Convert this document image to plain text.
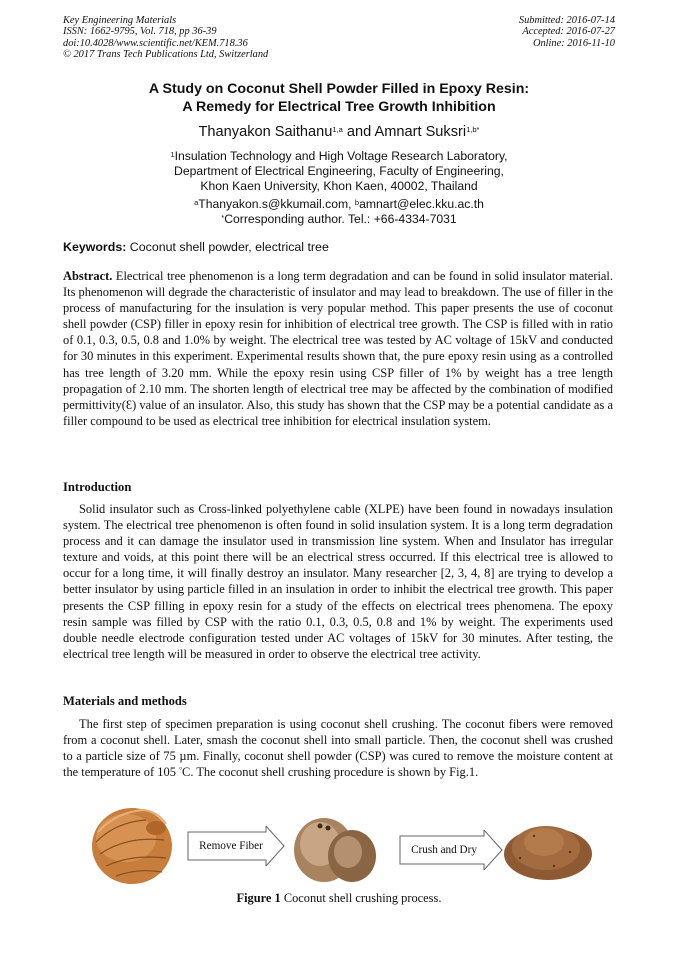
Key Engineering Materials
ISSN: 1662-9795, Vol. 718, pp 36-39
doi:10.4028/www.scientific.net/KEM.718.36
© 2017 Trans Tech Publications Ltd, Switzerland
Submitted: 2016-07-14
Accepted: 2016-07-27
Online: 2016-11-10
A Study on Coconut Shell Powder Filled in Epoxy Resin:
A Remedy for Electrical Tree Growth Inhibition
Thanyakon Saithanu$^{1,a}$ and Amnart Suksri$^{1,b*}$
$^1$Insulation Technology and High Voltage Research Laboratory,
Department of Electrical Engineering, Faculty of Engineering,
Khon Kaen University, Khon Kaen, 40002, Thailand
$^a$Thanyakon.s@kkumail.com, $^b$amnart@elec.kku.ac.th
*Corresponding author. Tel.: +66-4334-7031
Keywords: Coconut shell powder, electrical tree

Abstract. Electrical tree phenomenon is a long term degradation and can be found in solid insulator material. Its phenomenon will degrade the characteristic of insulator and may lead to breakdown. The use of filler in the process of manufacturing for the insulation is very popular method. This paper presents the use of coconut shell powder (CSP) filler in epoxy resin for inhibition of electrical tree growth. The CSP is filled with in ratio of 0.1, 0.3, 0.5, 0.8 and 1.0% by weight. The electrical tree was tested by AC voltage of 15kV and conducted for 30 minutes in this experiment. Experimental results shown that, the pure epoxy resin using as a controlled has tree length of 3.20 mm. While the epoxy resin using CSP filler of 1% by weight has a tree length propagation of 2.10 mm. The shorten length of electrical tree may be affected by the combination of modified permittivity(Ɛ) value of an insulator. Also, this study has shown that the CSP may be a potential candidate as a filler compound to be used as electrical tree inhibition for electrical insulation system.

Introduction

Solid insulator such as Cross-linked polyethylene cable (XLPE) have been found in nowadays insulation system. The electrical tree phenomenon is often found in solid insulation system. It is a long term degradation process and it can damage the insulator used in transmission line system. When and Insulator has irregular texture and voids, at this point there will be an electrical stress occurred. If this electrical tree is allowed to occur for a long time, it will finally destroy an insulator. Many researcher [2, 3, 4, 8] are trying to develop a better insulator by using particle filled in an insulation in order to inhibit the electrical tree growth. This paper presents the CSP filling in epoxy resin for a study of the effects on electrical trees phenomena. The epoxy resin sample was filled by CSP with the ratio 0.1, 0.3, 0.5, 0.8 and 1% by weight. The experiments used double needle electrode configuration tested under AC voltages of 15kV for 30 minutes. After testing, the electrical tree length will be measured in order to observe the electrical tree activity.

Materials and methods

The first step of specimen preparation is using coconut shell crushing. The coconut fibers were removed from a coconut shell. Later, smash the coconut shell into small particle. Then, the coconut shell was crushed to a particle size of 75 µm. Finally, coconut shell powder (CSP) was cured to remove the moisture content at the temperature of 105 °C. The coconut shell crushing procedure is shown by Fig.1.

Remove Fiber	Crush and Dry
Figure 1 Coconut shell crushing process.
